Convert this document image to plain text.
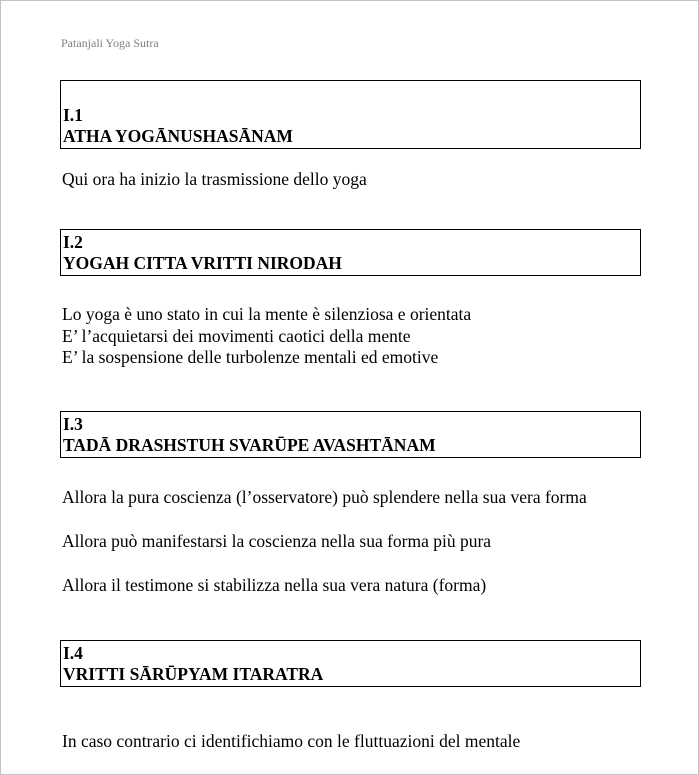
Patanjali Yoga Sutra
I.1
ATHA YOGĀNUSHASĀNAM
Qui ora ha inizio la trasmissione dello yoga
I.2
YOGAH CITTA VRITTI NIRODAH
Lo yoga è uno stato in cui la mente è silenziosa e orientata
E’ l’acquietarsi dei movimenti caotici della mente
E’ la sospensione delle turbolenze mentali ed emotive
I.3
TADĀ DRASHSTUH SVARŪPE AVASHTĀNAM
Allora la pura coscienza (l’osservatore) può splendere nella sua vera forma
Allora può manifestarsi la coscienza nella sua forma più pura
Allora il testimone si stabilizza nella sua vera natura (forma)
I.4
VRITTI SĀRŪPYAM ITARATRA
In caso contrario ci identifichiamo con le fluttuazioni del mentale
